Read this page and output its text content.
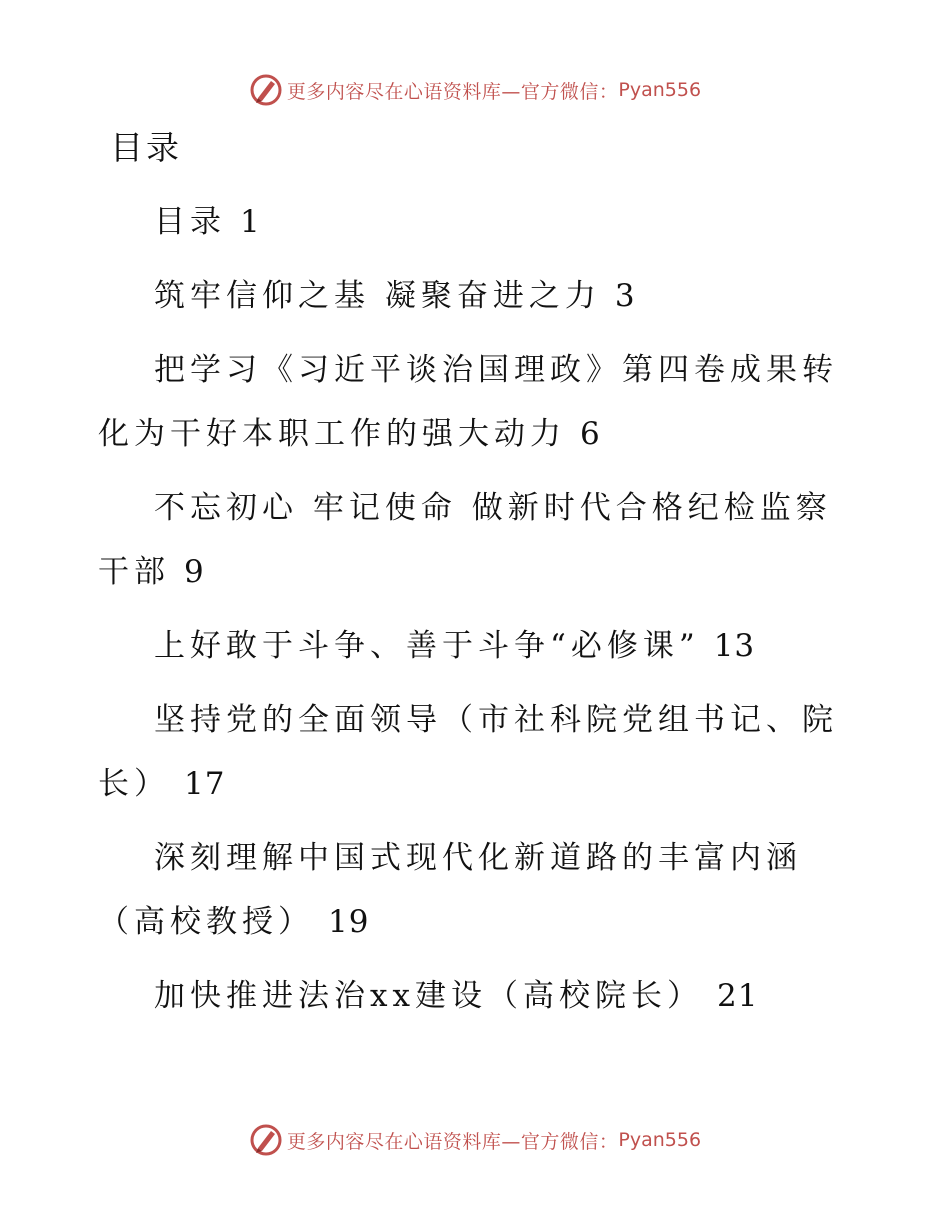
更多内容尽在心语资料库—官方微信： Pyan556
目录

目录 1

筑牢信仰之基 凝聚奋进之力 3

把学习《习近平谈治国理政》第四卷成果转化为干好本职工作的强大动力 6

不忘初心 牢记使命 做新时代合格纪检监察干部 9

上好敢于斗争、善于斗争“必修课” 13

坚持党的全面领导（市社科院党组书记、院长） 17

深刻理解中国式现代化新道路的丰富内涵（高校教授） 19

加快推进法治xx建设（高校院长） 21

更多内容尽在心语资料库—官方微信： Pyan556
